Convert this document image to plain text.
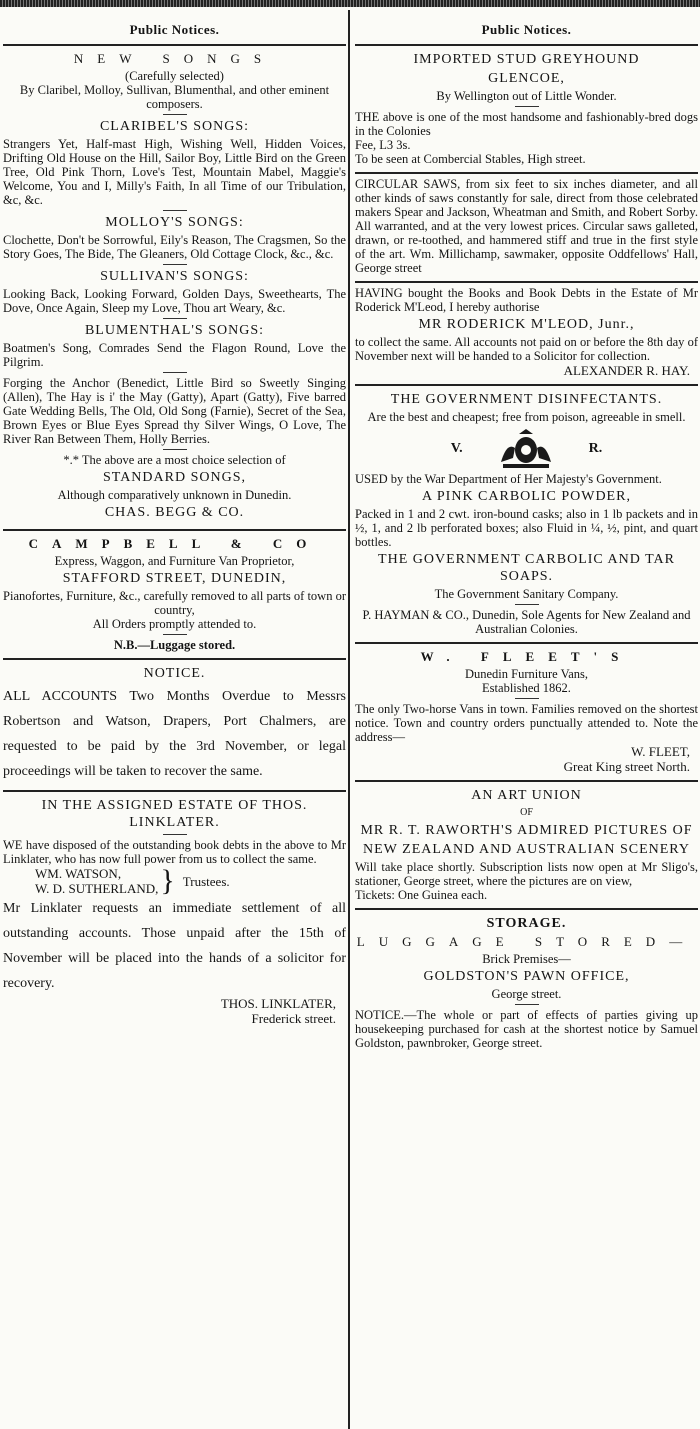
Public Notices.
NEW SONGS
(Carefully selected)

By Claribel, Molloy, Sullivan, Blumenthal, and other eminent composers.

CLARIBEL'S SONGS:

Strangers Yet, Half-mast High, Wishing Well, Hidden Voices, Drifting Old House on the Hill, Sailor Boy, Little Bird on the Green Tree, Old Pink Thorn, Love's Test, Mountain Mabel, Maggie's Welcome, You and I, Milly's Faith, In all Time of our Tribulation, &c, &c.

MOLLOY'S SONGS:

Clochette, Don't be Sorrowful, Eily's Reason, The Cragsmen, So the Story Goes, The Bide, The Gleaners, Old Cottage Clock, &c., &c.

SULLIVAN'S SONGS:

Looking Back, Looking Forward, Golden Days, Sweethearts, The Dove, Once Again, Sleep my Love, Thou art Weary, &c.

BLUMENTHAL'S SONGS:

Boatmen's Song, Comrades Send the Flagon Round, Love the Pilgrim.

Forging the Anchor (Benedict, Little Bird so Sweetly Singing (Allen), The Hay is i' the May (Gatty), Apart (Gatty), Five barred Gate Wedding Bells, The Old, Old Song (Farnie), Secret of the Sea, Brown Eyes or Blue Eyes Spread thy Silver Wings, O Love, The River Ran Between Them, Holly Berries.

*.* The above are a most choice selection of

STANDARD SONGS,

Although comparatively unknown in Dunedin.

CHAS. BEGG & CO.
CAMPBELL & CO

Express, Waggon, and Furniture Van Proprietor,

STAFFORD STREET, DUNEDIN,

Pianofortes, Furniture, &c., carefully removed to all parts of town or country,

All Orders promptly attended to.

N.B.—Luggage stored.

NOTICE.

ALL ACCOUNTS Two Months Overdue to Messrs Robertson and Watson, Drapers, Port Chalmers, are requested to be paid by the 3rd November, or legal proceedings will be taken to recover the same.

IN THE ASSIGNED ESTATE OF THOS. LINKLATER.

WE have disposed of the outstanding book debts in the above to Mr Linklater, who has now full power from us to collect the same.

WM. WATSON,
W. D. SUTHERLAND, } Trustees.

Mr Linklater requests an immediate settlement of all outstanding accounts. Those unpaid after the 15th of November will be placed into the hands of a solicitor for recovery.

THOS. LINKLATER,
Frederick street.
Public Notices.
IMPORTED STUD GREYHOUND
GLENCOE,

By Wellington out of Little Wonder.

THE above is one of the most handsome and fashionably-bred dogs in the Colonies

Fee, L3 3s.

To be seen at Combercial Stables, High street.

CIRCULAR SAWS, from six feet to six inches diameter, and all other kinds of saws constantly for sale, direct from those celebrated makers Spear and Jackson, Wheatman and Smith, and Robert Sorby. All warranted, and at the very lowest prices. Circular saws galleted, drawn, or re-toothed, and hammered stiff and true in the first style of the art. Wm. Millichamp, sawmaker, opposite Oddfellows' Hall, George street

HAVING bought the Books and Book Debts in the Estate of Mr Roderick M'Leod, I hereby authorise

MR RODERICK M'LEOD, Junr.,

to collect the same. All accounts not paid on or before the 8th day of November next will be handed to a Solicitor for collection.

ALEXANDER R. HAY.
THE GOVERNMENT DISINFECTANTS.

Are the best and cheapest; free from poison, agreeable in smell.

V.	R.

USED by the War Department of Her Majesty's Government.

A PINK CARBOLIC POWDER,

Packed in 1 and 2 cwt. iron-bound casks; also in 1 lb packets and in ½, 1, and 2 lb perforated boxes; also Fluid in ¼, ½, pint, and quart bottles.

THE GOVERNMENT CARBOLIC AND TAR SOAPS.

The Government Sanitary Company.

P. HAYMAN & CO., Dunedin, Sole Agents for New Zealand and Australian Colonies.

W. FLEET'S

Dunedin Furniture Vans,

Established 1862.

The only Two-horse Vans in town. Families removed on the shortest notice. Town and country orders punctually attended to. Note the address—

W. FLEET,
Great King street North.
AN ART UNION
OF
MR R. T. RAWORTH'S ADMIRED PICTURES OF
NEW ZEALAND AND AUSTRALIAN SCENERY

Will take place shortly. Subscription lists now open at Mr Sligo's, stationer, George street, where the pictures are on view,

Tickets: One Guinea each.

STORAGE.
LUGGAGE STORED—

Brick Premises—

GOLDSTON'S PAWN OFFICE,

George street.

NOTICE.—The whole or part of effects of parties giving up housekeeping purchased for cash at the shortest notice by Samuel Goldston, pawnbroker, George street.
